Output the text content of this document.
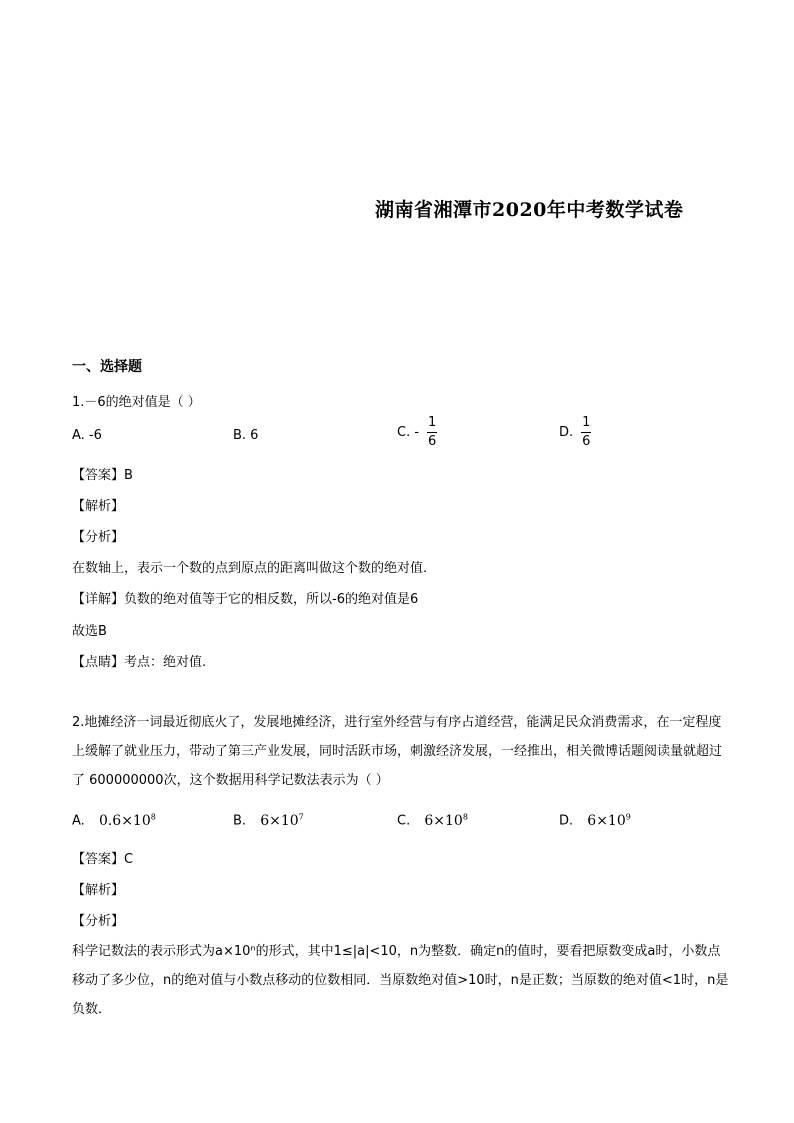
湖南省湘潭市2020年中考数学试卷
一、选择题
1.－6的绝对值是（ ）
A. -6	B. 6	C. - $\frac{1}{6}$	D. $\frac{1}{6}$
【答案】B
【解析】
【分析】
在数轴上，表示一个数的点到原点的距离叫做这个数的绝对值.
【详解】负数的绝对值等于它的相反数，所以-6的绝对值是6
故选B
【点睛】考点：绝对值.
2.地摊经济一词最近彻底火了，发展地摊经济，进行室外经营与有序占道经营，能满足民众消费需求，在一定程度上缓解了就业压力，带动了第三产业发展，同时活跃市场，刺激经济发展，一经推出，相关微博话题阅读量就超过了 600000000次，这个数据用科学记数法表示为（ ）
A. $0.6\times 10^8$	B. $6\times 10^7$	C. $6\times 10^8$	D. $6\times 10^9$
【答案】C
【解析】
【分析】
科学记数法的表示形式为a×10ⁿ的形式，其中1≤|a|<10，n为整数．确定n的值时，要看把原数变成a时，小数点移动了多少位，n的绝对值与小数点移动的位数相同．当原数绝对值>10时，n是正数；当原数的绝对值<1时，n是负数．
